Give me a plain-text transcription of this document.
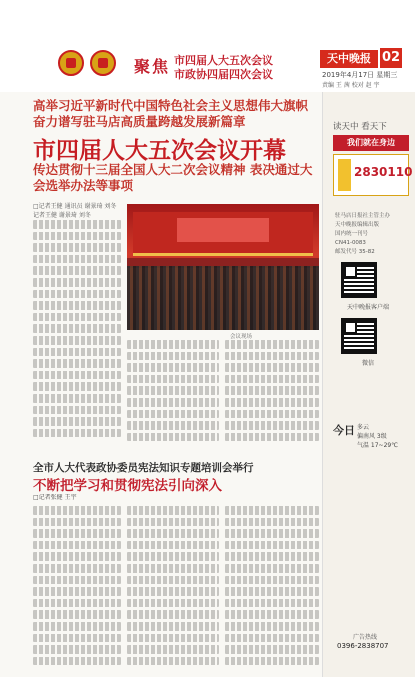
聚焦 市四届人大五次会议
市政协四届四次会议
天中晚报 02
2019年4月17日 星期三
责编 王 茜 校对 赵 宇
高举习近平新时代中国特色社会主义思想伟大旗帜 奋力谱写驻马店高质量跨越发展新篇章
市四届人大五次会议开幕
传达贯彻十三届全国人大二次会议精神 表决通过大会选举办法等事项
□记者王健 通讯员 谢景琦 刘冬 记者王健 谢景琦 刘冬
会议现场
全市人大代表政协委员宪法知识专题培训会举行
不断把学习和贯彻宪法引向深入
□记者张健 王宇
读天中 看天下
我们就在身边
2830110
驻马店日报社主管主办
天中晚报编辑出版
国内统一刊号
CN41-0083
邮发代号 35-82
天中晚报客户端
微信
今日 多云
偏南风 3级
气温 17~29℃
广告热线
0396-2838707
